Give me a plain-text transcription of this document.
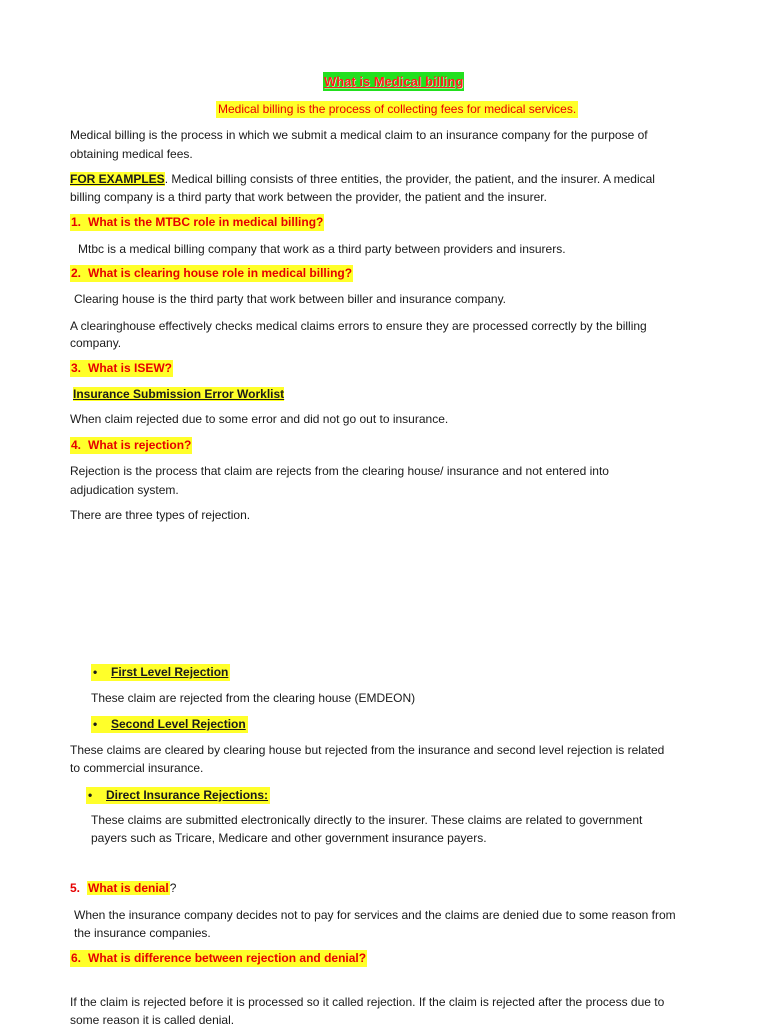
What is Medical billing
Medical billing is the process of collecting fees for medical services.
Medical billing is the process in which we submit a medical claim to an insurance company for the purpose of
obtaining medical fees.
FOR EXAMPLES. Medical billing consists of three entities, the provider, the patient, and the insurer. A medical
billing company is a third party that work between the provider, the patient and the insurer.
1. What is the MTBC role in medical billing?
Mtbc is a medical billing company that work as a third party between providers and insurers.
2. What is clearing house role in medical billing?
Clearing house is the third party that work between biller and insurance company.
A clearinghouse effectively checks medical claims errors to ensure they are processed correctly by the billing
company.
3. What is ISEW?
Insurance Submission Error Worklist
When claim rejected due to some error and did not go out to insurance.
4. What is rejection?
Rejection is the process that claim are rejects from the clearing house/ insurance and not entered into
adjudication system.
There are three types of rejection.
• First Level Rejection
These claim are rejected from the clearing house (EMDEON)
• Second Level Rejection
These claims are cleared by clearing house but rejected from the insurance and second level rejection is related
to commercial insurance.
• Direct Insurance Rejections:
These claims are submitted electronically directly to the insurer. These claims are related to government
payers such as Tricare, Medicare and other government insurance payers.
5. What is denial?
When the insurance company decides not to pay for services and the claims are denied due to some reason from
the insurance companies.
6. What is difference between rejection and denial?
If the claim is rejected before it is processed so it called rejection. If the claim is rejected after the process due to
some reason it is called denial.
